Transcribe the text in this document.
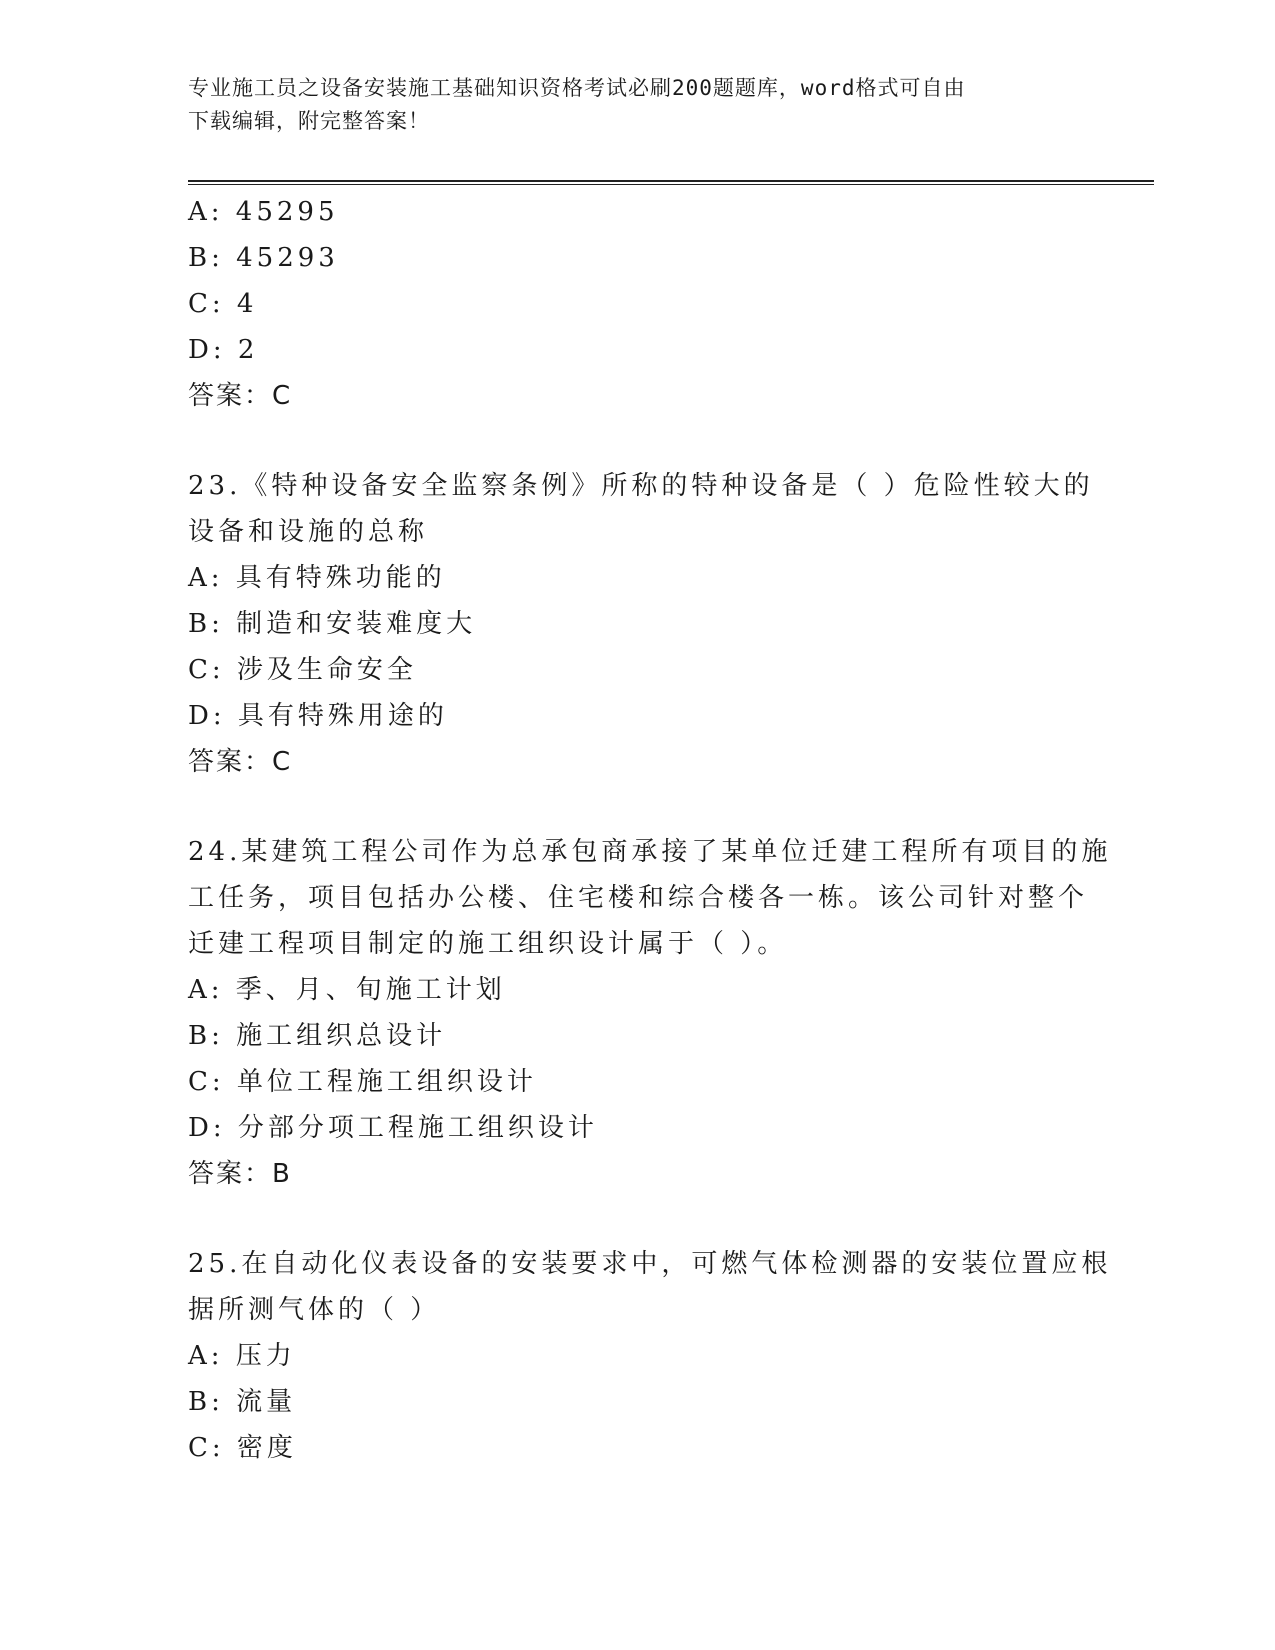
专业施工员之设备安装施工基础知识资格考试必刷200题题库，word格式可自由
下载编辑，附完整答案！
A: 45295
B: 45293
C: 4
D: 2
答案：C
23.《特种设备安全监察条例》所称的特种设备是（ ）危险性较大的
设备和设施的总称
A: 具有特殊功能的
B: 制造和安装难度大
C: 涉及生命安全
D: 具有特殊用途的
答案：C
24.某建筑工程公司作为总承包商承接了某单位迁建工程所有项目的施
工任务，项目包括办公楼、住宅楼和综合楼各一栋。该公司针对整个
迁建工程项目制定的施工组织设计属于（ ）。
A: 季、月、旬施工计划
B: 施工组织总设计
C: 单位工程施工组织设计
D: 分部分项工程施工组织设计
答案：B
25.在自动化仪表设备的安装要求中，可燃气体检测器的安装位置应根
据所测气体的（ ）
A: 压力
B: 流量
C: 密度
